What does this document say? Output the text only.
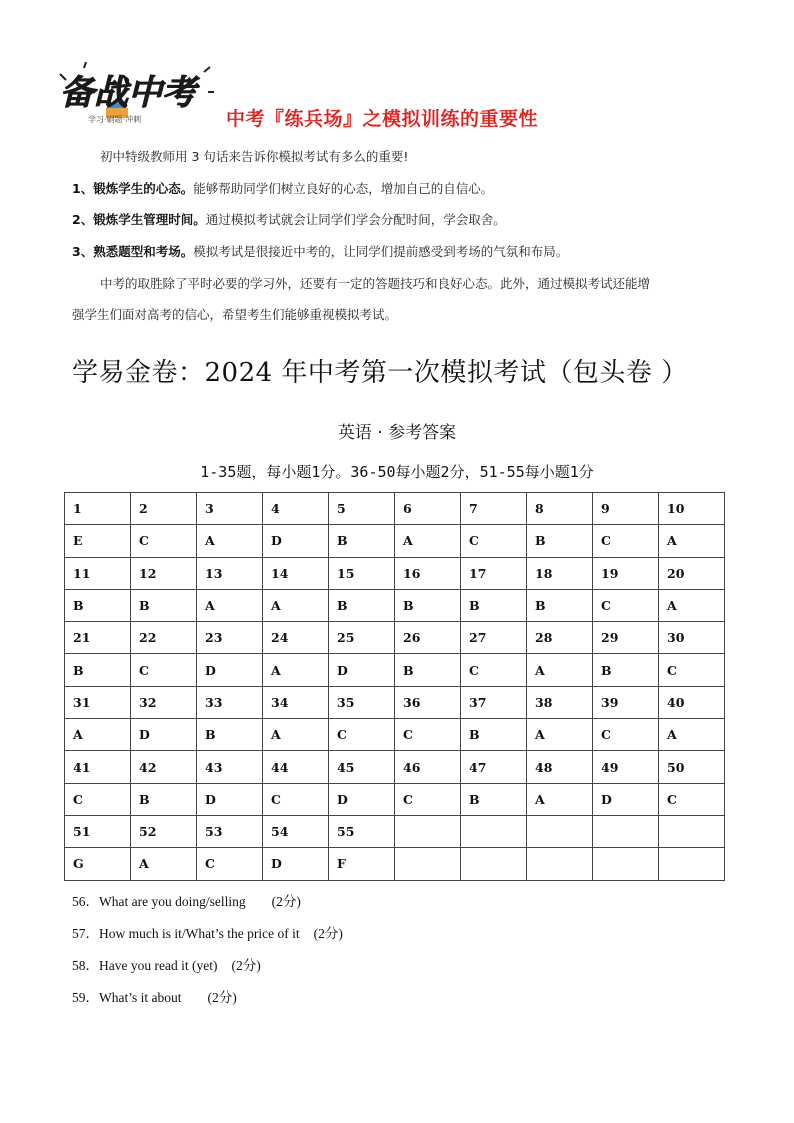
备战中考
学习·刷题·冲刺	中考『练兵场』之模拟训练的重要性
初中特级教师用 3 句话来告诉你模拟考试有多么的重要!
1、锻炼学生的心态。能够帮助同学们树立良好的心态，增加自己的自信心。
2、锻炼学生管理时间。通过模拟考试就会让同学们学会分配时间，学会取舍。
3、熟悉题型和考场。模拟考试是很接近中考的，让同学们提前感受到考场的气氛和布局。
中考的取胜除了平时必要的学习外，还要有一定的答题技巧和良好心态。此外，通过模拟考试还能增
强学生们面对高考的信心，希望考生们能够重视模拟考试。
学易金卷：2024 年中考第一次模拟考试（包头卷 ）
英语 · 参考答案
1-35题，每小题1分。36-50每小题2分，51-55每小题1分
1	2	3	4	5	6	7	8	9	10
E	C	A	D	B	A	C	B	C	A
11	12	13	14	15	16	17	18	19	20
B	B	A	A	B	B	B	B	C	A
21	22	23	24	25	26	27	28	29	30
B	C	D	A	D	B	C	A	B	C
31	32	33	34	35	36	37	38	39	40
A	D	B	A	C	C	B	A	C	A
41	42	43	44	45	46	47	48	49	50
C	B	D	C	D	C	B	A	D	C
51	52	53	54	55					
G	A	C	D	F					
56．What are you doing/selling (2分)
57．How much is it/What’s the price of it (2分)
58．Have you read it (yet) (2分)
59．What’s it about (2分)
